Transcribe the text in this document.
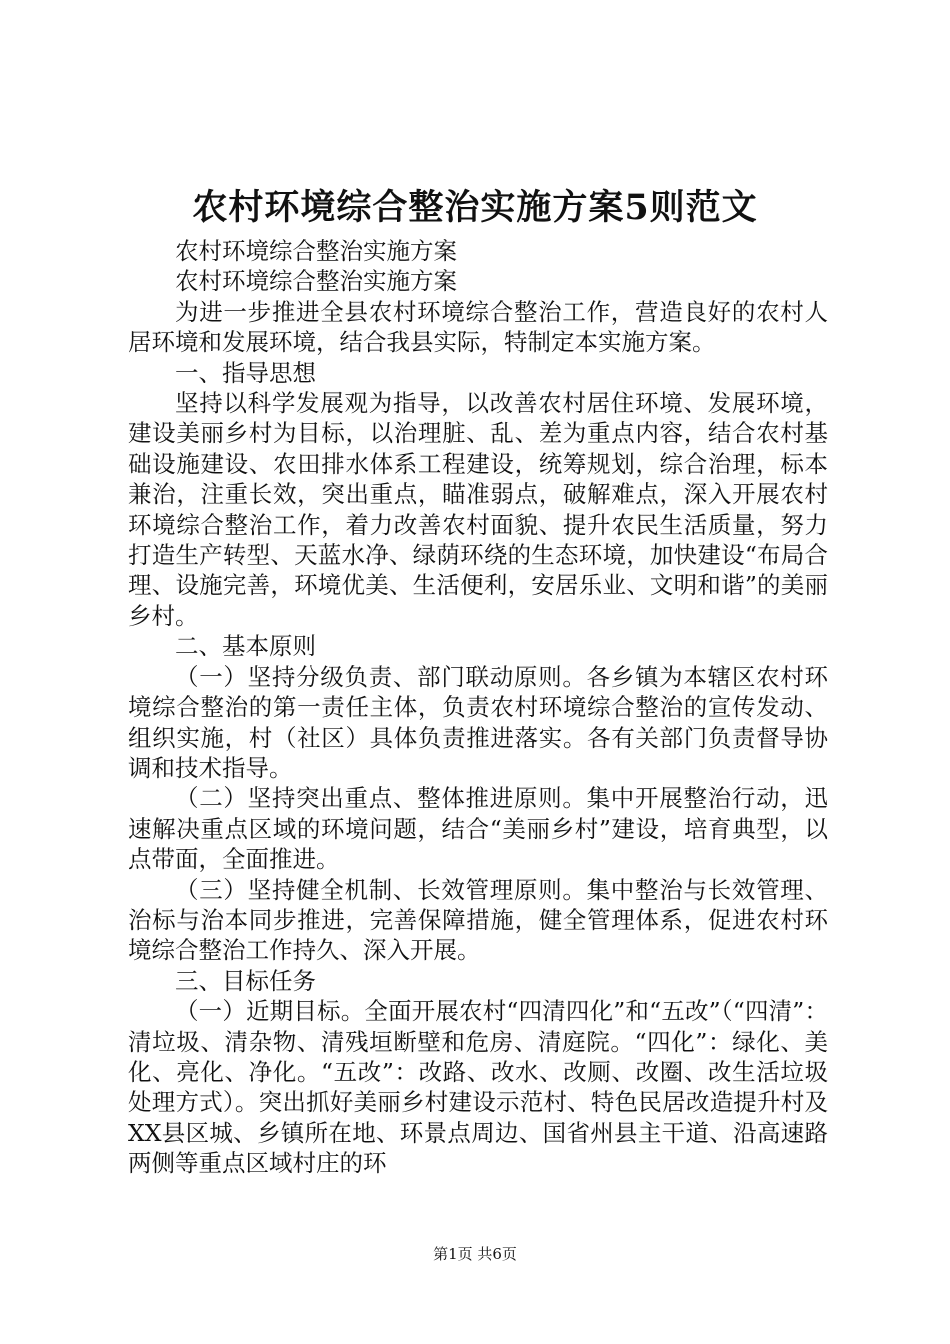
农村环境综合整治实施方案5则范文

农村环境综合整治实施方案

农村环境综合整治实施方案

为进一步推进全县农村环境综合整治工作，营造良好的农村人居环境和发展环境，结合我县实际，特制定本实施方案。

一、指导思想

坚持以科学发展观为指导，以改善农村居住环境、发展环境，建设美丽乡村为目标，以治理脏、乱、差为重点内容，结合农村基础设施建设、农田排水体系工程建设，统筹规划，综合治理，标本兼治，注重长效，突出重点，瞄准弱点，破解难点，深入开展农村环境综合整治工作，着力改善农村面貌、提升农民生活质量，努力打造生产转型、天蓝水净、绿荫环绕的生态环境，加快建设“布局合理、设施完善，环境优美、生活便利，安居乐业、文明和谐”的美丽乡村。

二、基本原则

（一）坚持分级负责、部门联动原则。各乡镇为本辖区农村环境综合整治的第一责任主体，负责农村环境综合整治的宣传发动、组织实施，村（社区）具体负责推进落实。各有关部门负责督导协调和技术指导。

（二）坚持突出重点、整体推进原则。集中开展整治行动，迅速解决重点区域的环境问题，结合“美丽乡村”建设，培育典型，以点带面，全面推进。

（三）坚持健全机制、长效管理原则。集中整治与长效管理、治标与治本同步推进，完善保障措施，健全管理体系，促进农村环境综合整治工作持久、深入开展。

三、目标任务

（一）近期目标。全面开展农村“四清四化”和“五改”（“四清”：清垃圾、清杂物、清残垣断壁和危房、清庭院。“四化”：绿化、美化、亮化、净化。“五改”：改路、改水、改厕、改圈、改生活垃圾处理方式）。突出抓好美丽乡村建设示范村、特色民居改造提升村及XX县区城、乡镇所在地、环景点周边、国省州县主干道、沿高速路两侧等重点区域村庄的环

第1页 共6页
